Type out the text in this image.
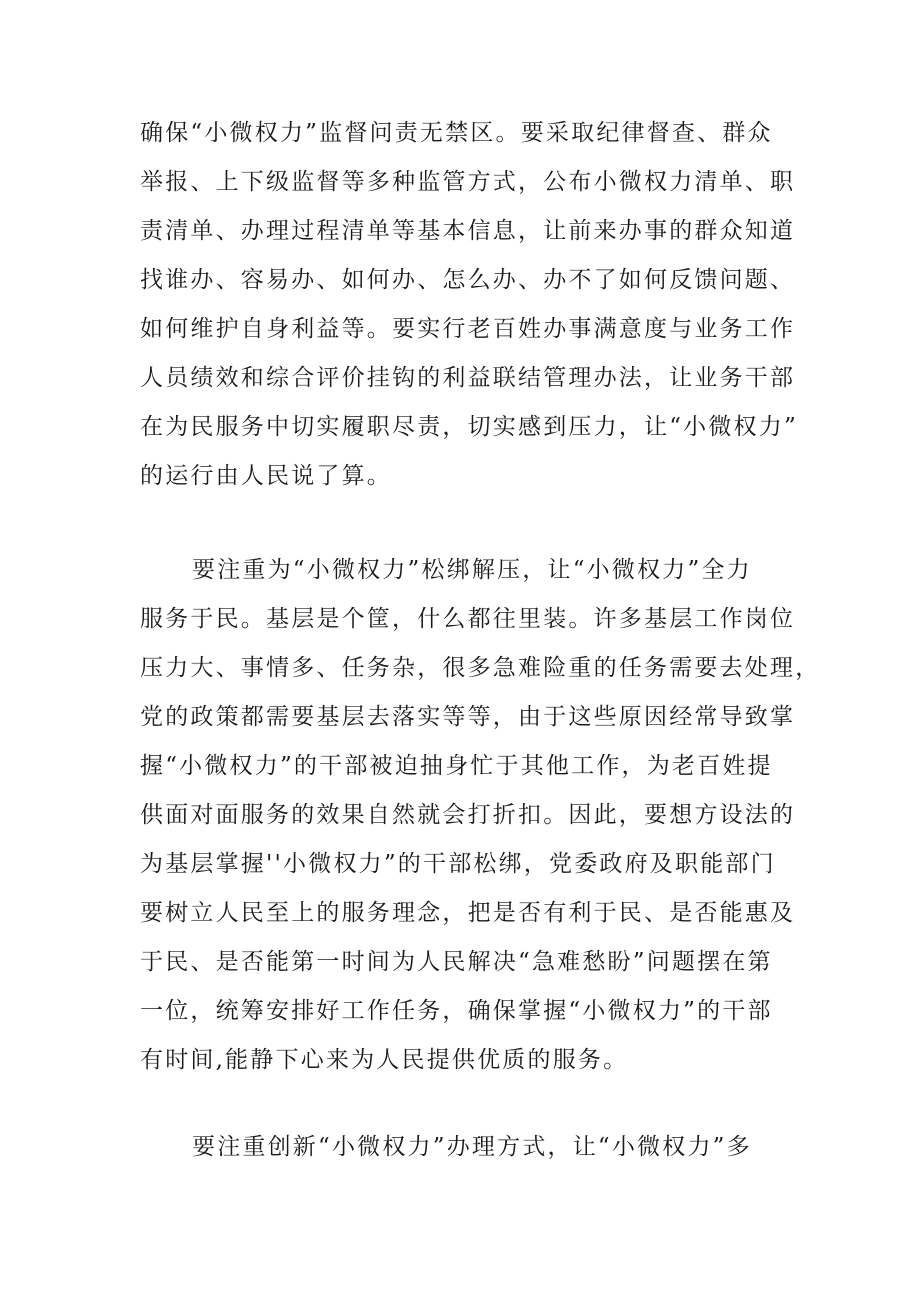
确保“小微权力”监督问责无禁区。要采取纪律督查、群众

举报、上下级监督等多种监管方式，公布小微权力清单、职

责清单、办理过程清单等基本信息，让前来办事的群众知道

找谁办、容易办、如何办、怎么办、办不了如何反馈问题、

如何维护自身利益等。要实行老百姓办事满意度与业务工作

人员绩效和综合评价挂钩的利益联结管理办法，让业务干部

在为民服务中切实履职尽责，切实感到压力，让“小微权力”

的运行由人民说了算。

要注重为“小微权力”松绑解压，让“小微权力”全力

服务于民。基层是个筐，什么都往里装。许多基层工作岗位

压力大、事情多、任务杂，很多急难险重的任务需要去处理，

党的政策都需要基层去落实等等，由于这些原因经常导致掌

握“小微权力”的干部被迫抽身忙于其他工作，为老百姓提

供面对面服务的效果自然就会打折扣。因此，要想方设法的

为基层掌握''小微权力”的干部松绑，党委政府及职能部门

要树立人民至上的服务理念，把是否有利于民、是否能惠及

于民、是否能第一时间为人民解决“急难愁盼”问题摆在第

一位，统筹安排好工作任务，确保掌握“小微权力”的干部

有时间,能静下心来为人民提供优质的服务。

要注重创新“小微权力”办理方式，让“小微权力”多
